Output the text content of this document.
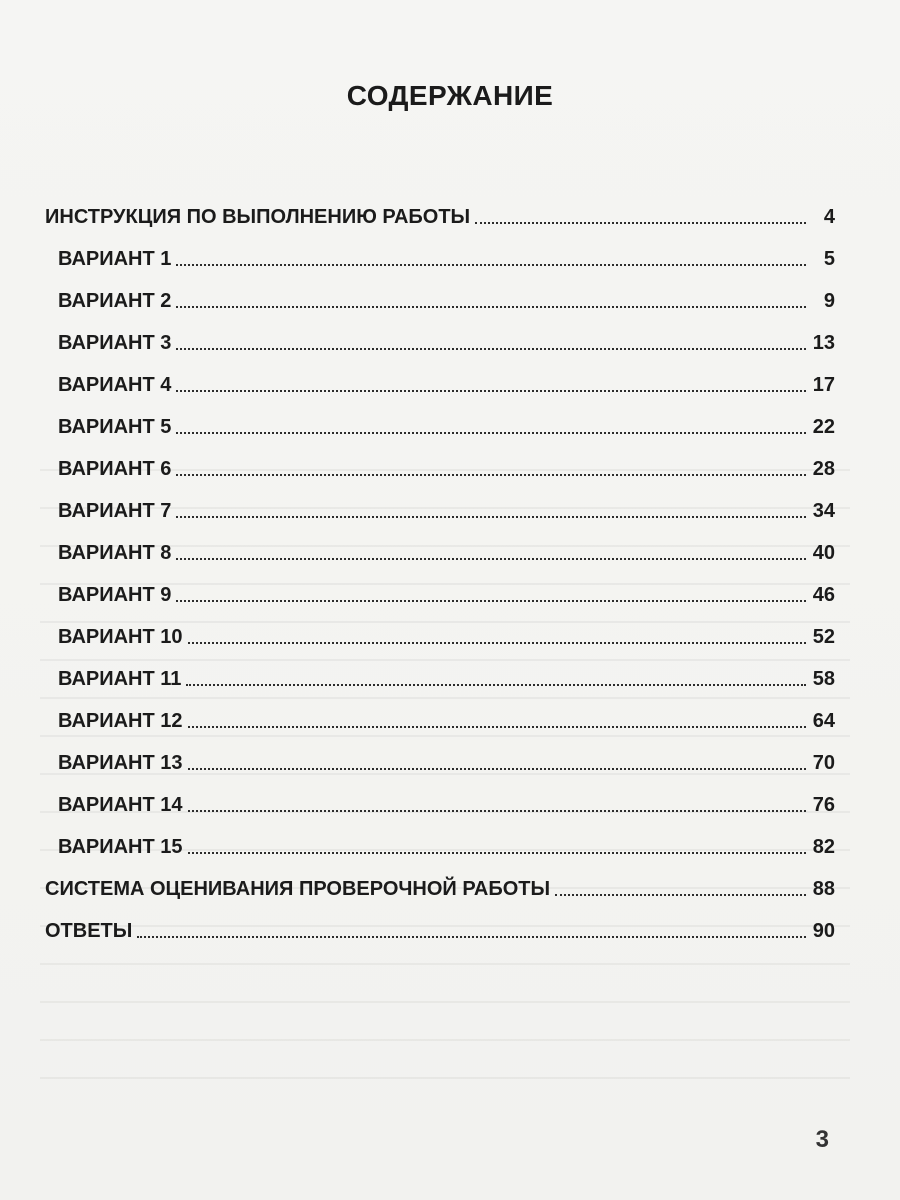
СОДЕРЖАНИЕ
ИНСТРУКЦИЯ ПО ВЫПОЛНЕНИЮ РАБОТЫ	4
ВАРИАНТ 1	5
ВАРИАНТ 2	9
ВАРИАНТ 3	13
ВАРИАНТ 4	17
ВАРИАНТ 5	22
ВАРИАНТ 6	28
ВАРИАНТ 7	34
ВАРИАНТ 8	40
ВАРИАНТ 9	46
ВАРИАНТ 10	52
ВАРИАНТ 11	58
ВАРИАНТ 12	64
ВАРИАНТ 13	70
ВАРИАНТ 14	76
ВАРИАНТ 15	82
СИСТЕМА ОЦЕНИВАНИЯ ПРОВЕРОЧНОЙ РАБОТЫ	88
ОТВЕТЫ	90
3
